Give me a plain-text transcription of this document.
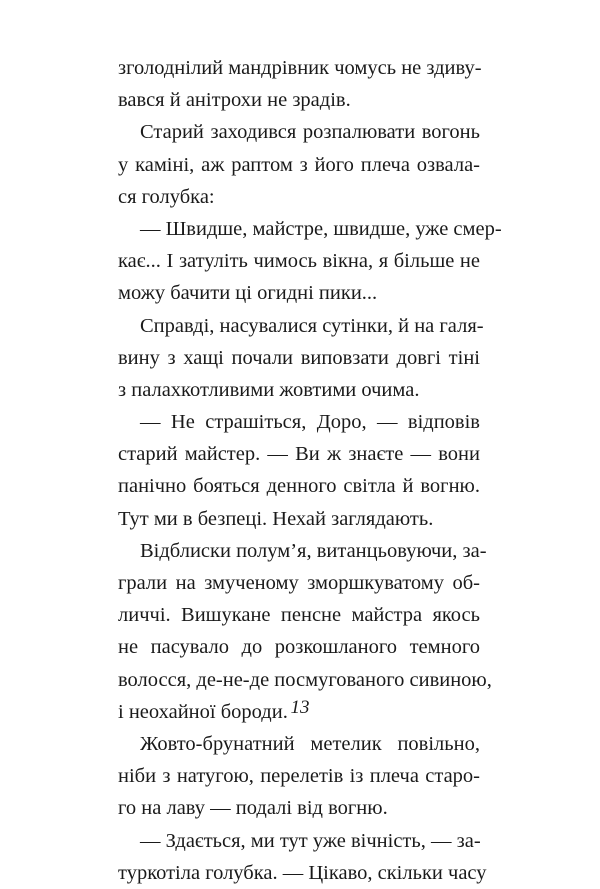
зголоднілий мандрівник чомусь не здиву-
вався й анітрохи не зрадів.
Старий заходився розпалювати вогонь
у каміні, аж раптом з його плеча озвала-
ся голубка:
— Швидше, майстре, швидше, уже смер-
кає... І затуліть чимось вікна, я більше не
можу бачити ці огидні пики...
Справді, насувалися сутінки, й на галя-
вину з хащі почали виповзати довгі тіні
з палахкотливими жовтими очима.
— Не страшіться, Доро, — відповів
старий майстер. — Ви ж знаєте — вони
панічно бояться денного світла й вогню.
Тут ми в безпеці. Нехай заглядають.
Відблиски полум’я, витанцьовуючи, за-
грали на змученому зморшкуватому об-
личчі. Вишукане пенсне майстра якось
не пасувало до розкошланого темного
волосся, де-не-де посмугованого сивиною,
і неохайної бороди.
Жовто-брунатний метелик повільно,
ніби з натугою, перелетів із плеча старо-
го на лаву — подалі від вогню.
— Здається, ми тут уже вічність, — за-
туркотіла голубка. — Цікаво, скільки часу
13
